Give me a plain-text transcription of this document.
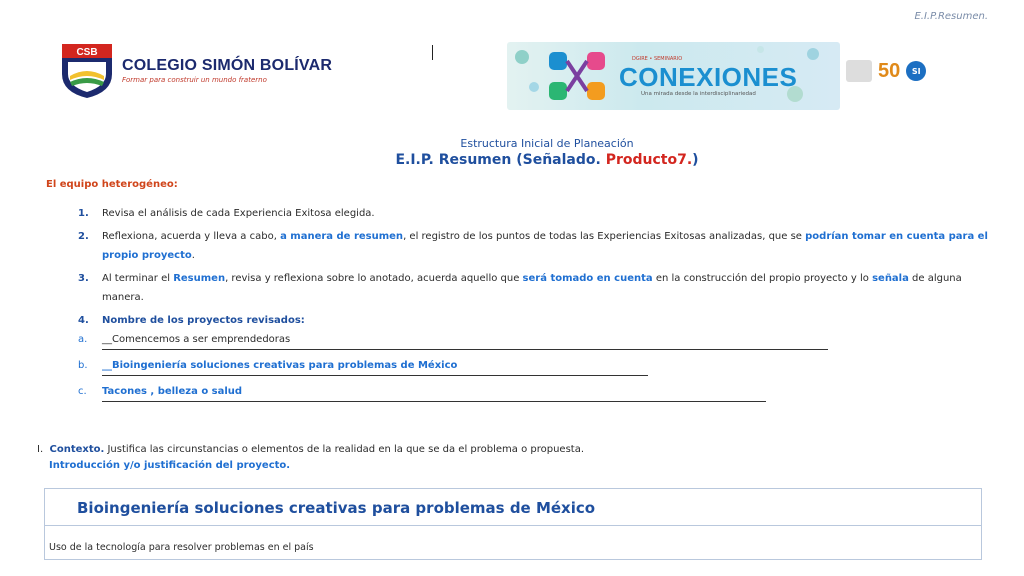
E.I.P.Resumen.
CSB
COLEGIO SIMÓN BOLÍVAR
Formar para construir un mundo fraterno
DGIRE • SEMINARIO
CONEXIONES
Una mirada desde la interdisciplinariedad
50	SI
Estructura Inicial de Planeación
E.I.P. Resumen (Señalado. Producto7.)
El equipo heterogéneo:
1.	Revisa el análisis de cada Experiencia Exitosa elegida.
2.	Reflexiona, acuerda y lleva a cabo, a manera de resumen, el registro de los puntos de todas las Experiencias Exitosas analizadas, que se podrían tomar en cuenta para el propio proyecto.
3.	Al terminar el Resumen, revisa y reflexiona sobre lo anotado, acuerda aquello que será tomado en cuenta en la construcción del propio proyecto y lo señala de alguna manera.
4.	Nombre de los proyectos revisados:
a.	__Comencemos a ser emprendedoras
b.	__Bioingeniería soluciones creativas para problemas de México
c.	Tacones , belleza o salud
I. Contexto. Justifica las circunstancias o elementos de la realidad en la que se da el problema o propuesta.
Introducción y/o justificación del proyecto.
Bioingeniería soluciones creativas para problemas de México
Uso de la tecnología para resolver problemas en el país
